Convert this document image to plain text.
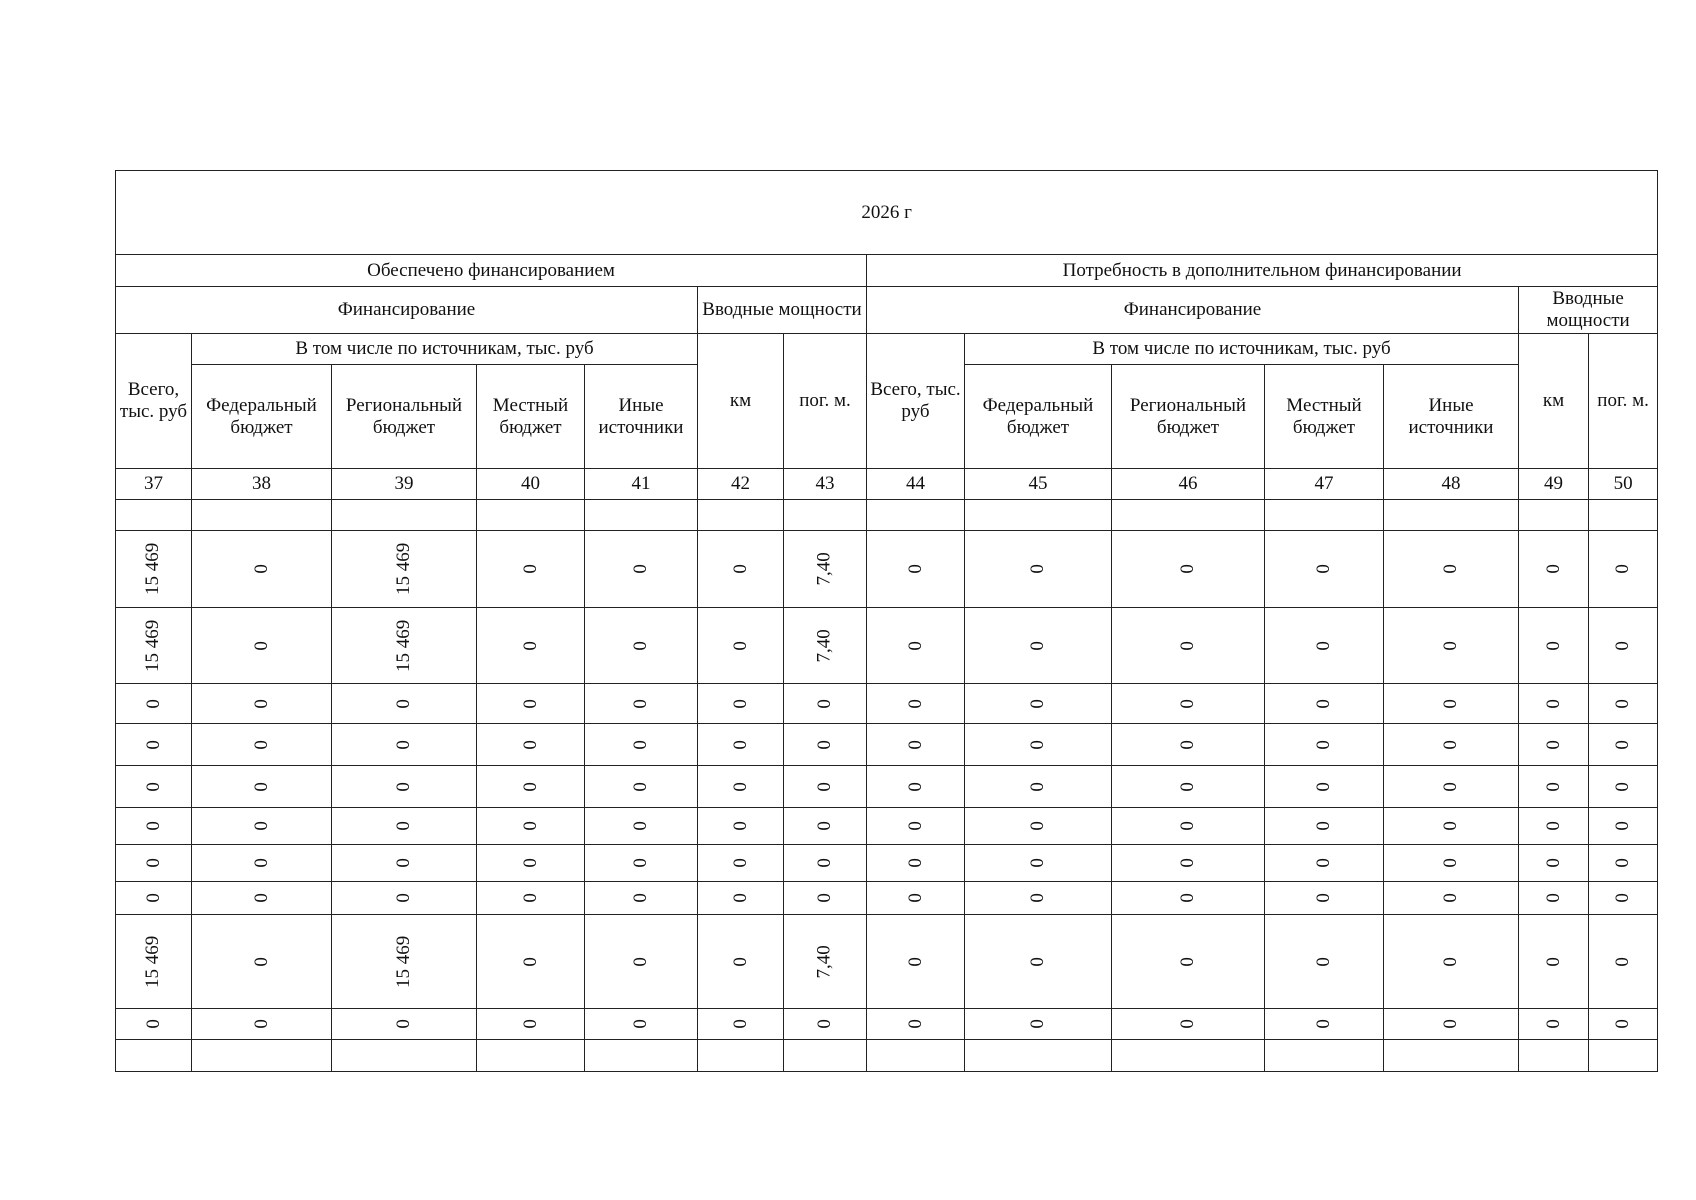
2026 г													
Обеспечено финансированием							Потребность в дополнительном финансировании						
Финансирование					Вводные мощности		Финансирование					Вводные мощности	
Всего, тыс. руб	В том числе по источникам, тыс. руб				км	пог. м.	Всего, тыс. руб	В том числе по источникам, тыс. руб				км	пог. м.
	Федеральный бюджет	Региональный бюджет	Местный бюджет	Иные источники				Федеральный бюджет	Региональный бюджет	Местный бюджет	Иные источники		
37	38	39	40	41	42	43	44	45	46	47	48	49	50

15 469	0	15 469	0	0	0	7,40	0	0	0	0	0	0	0
15 469	0	15 469	0	0	0	7,40	0	0	0	0	0	0	0
0	0	0	0	0	0	0	0	0	0	0	0	0	0
0	0	0	0	0	0	0	0	0	0	0	0	0	0
0	0	0	0	0	0	0	0	0	0	0	0	0	0
0	0	0	0	0	0	0	0	0	0	0	0	0	0
0	0	0	0	0	0	0	0	0	0	0	0	0	0
0	0	0	0	0	0	0	0	0	0	0	0	0	0
15 469	0	15 469	0	0	0	7,40	0	0	0	0	0	0	0
0	0	0	0	0	0	0	0	0	0	0	0	0	0
